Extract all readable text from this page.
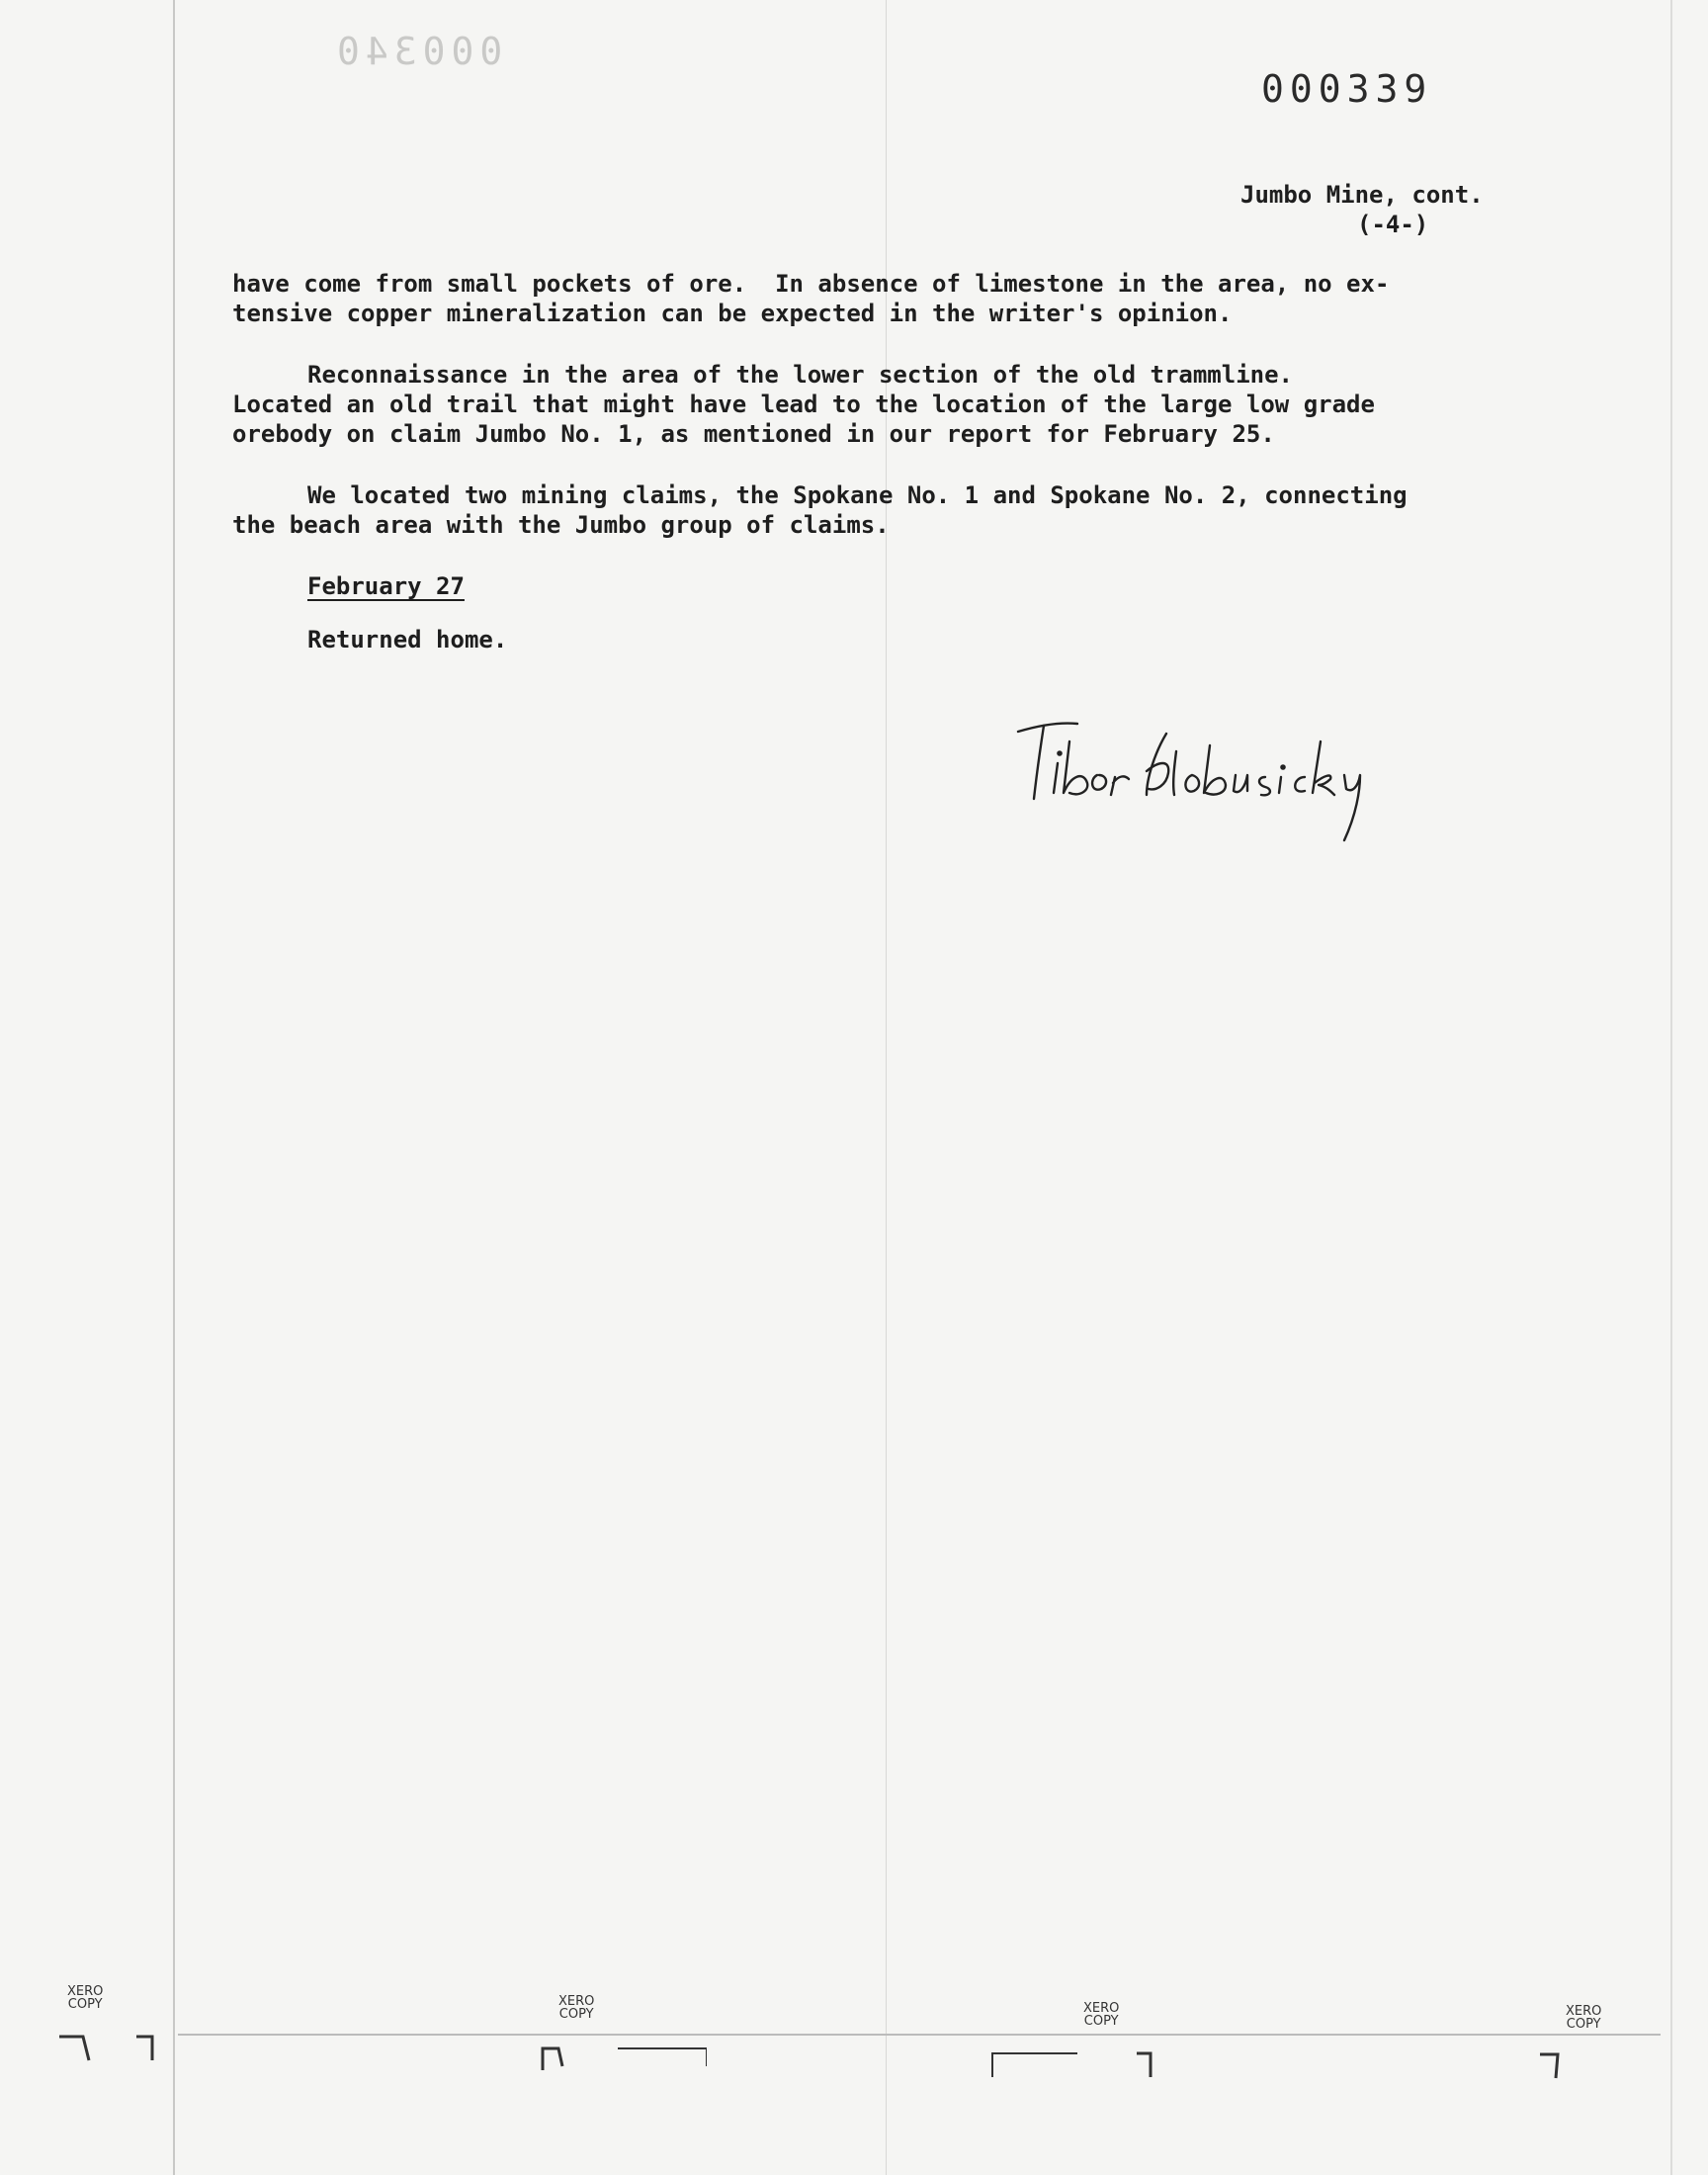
000340
000339
Jumbo Mine, cont.
(-4-)

have come from small pockets of ore.  In absence of limestone in the area, no ex-
tensive copper mineralization can be expected in the writer's opinion.

Reconnaissance in the area of the lower section of the old trammline.
Located an old trail that might have lead to the location of the large low grade
orebody on claim Jumbo No. 1, as mentioned in our report for February 25.

We located two mining claims, the Spokane No. 1 and Spokane No. 2, connecting
the beach area with the Jumbo group of claims.

February 27

Returned home.

XERO
COPY	XERO
COPY	XERO
COPY
XERO
COPY
